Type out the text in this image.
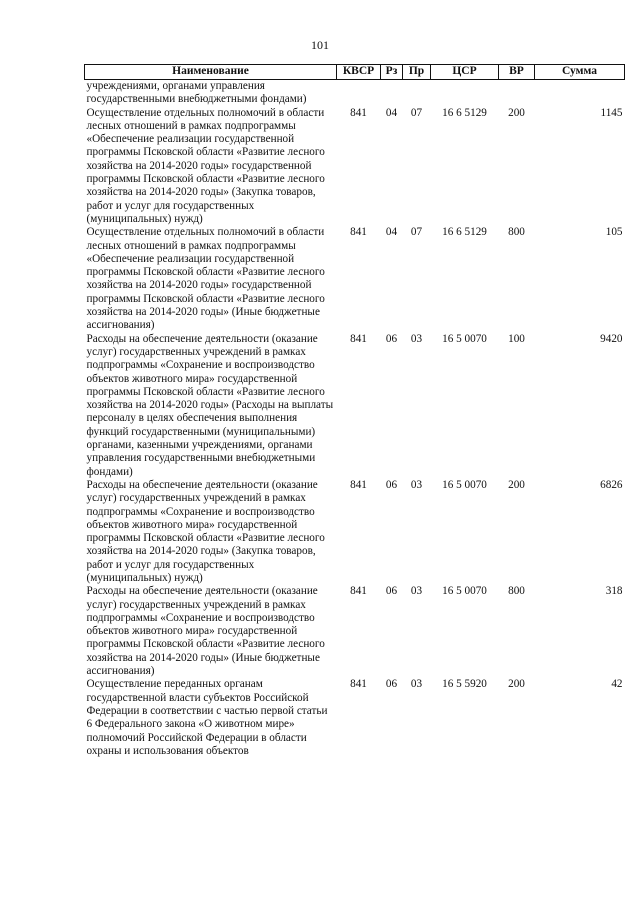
101
Наименование	КВСР	Рз	Пр	ЦСР	ВР	Сумма
учреждениями, органами управления государственными внебюджетными фондами)						
Осуществление отдельных полномочий в области лесных отношений в рамках подпрограммы «Обеспечение реализации государственной программы Псковской области «Развитие лесного хозяйства на 2014-2020 годы» государственной программы Псковской области «Развитие лесного хозяйства на 2014-2020 годы» (Закупка товаров, работ и услуг для государственных (муниципальных) нужд)	841	04	07	16 6 5129	200	1145
Осуществление отдельных полномочий в области лесных отношений в рамках подпрограммы «Обеспечение реализации государственной программы Псковской области «Развитие лесного хозяйства на 2014-2020 годы» государственной программы Псковской области «Развитие лесного хозяйства на 2014-2020 годы» (Иные бюджетные ассигнования)	841	04	07	16 6 5129	800	105
Расходы на обеспечение деятельности (оказание услуг) государственных учреждений в рамках подпрограммы «Сохранение и воспроизводство объектов животного мира» государственной программы Псковской области «Развитие лесного хозяйства на 2014-2020 годы» (Расходы на выплаты персоналу в целях обеспечения выполнения функций государственными (муниципальными) органами, казенными учреждениями, органами управления государственными внебюджетными фондами)	841	06	03	16 5 0070	100	9420
Расходы на обеспечение деятельности (оказание услуг) государственных учреждений в рамках подпрограммы «Сохранение и воспроизводство объектов животного мира» государственной программы Псковской области «Развитие лесного хозяйства на 2014-2020 годы» (Закупка товаров, работ и услуг для государственных (муниципальных) нужд)	841	06	03	16 5 0070	200	6826
Расходы на обеспечение деятельности (оказание услуг) государственных учреждений в рамках подпрограммы «Сохранение и воспроизводство объектов животного мира» государственной программы Псковской области «Развитие лесного хозяйства на 2014-2020 годы» (Иные бюджетные ассигнования)	841	06	03	16 5 0070	800	318
Осуществление переданных органам государственной власти субъектов Российской Федерации в соответствии с частью первой статьи 6 Федерального закона «О животном мире» полномочий Российской Федерации в области охраны и использования объектов	841	06	03	16 5 5920	200	42
